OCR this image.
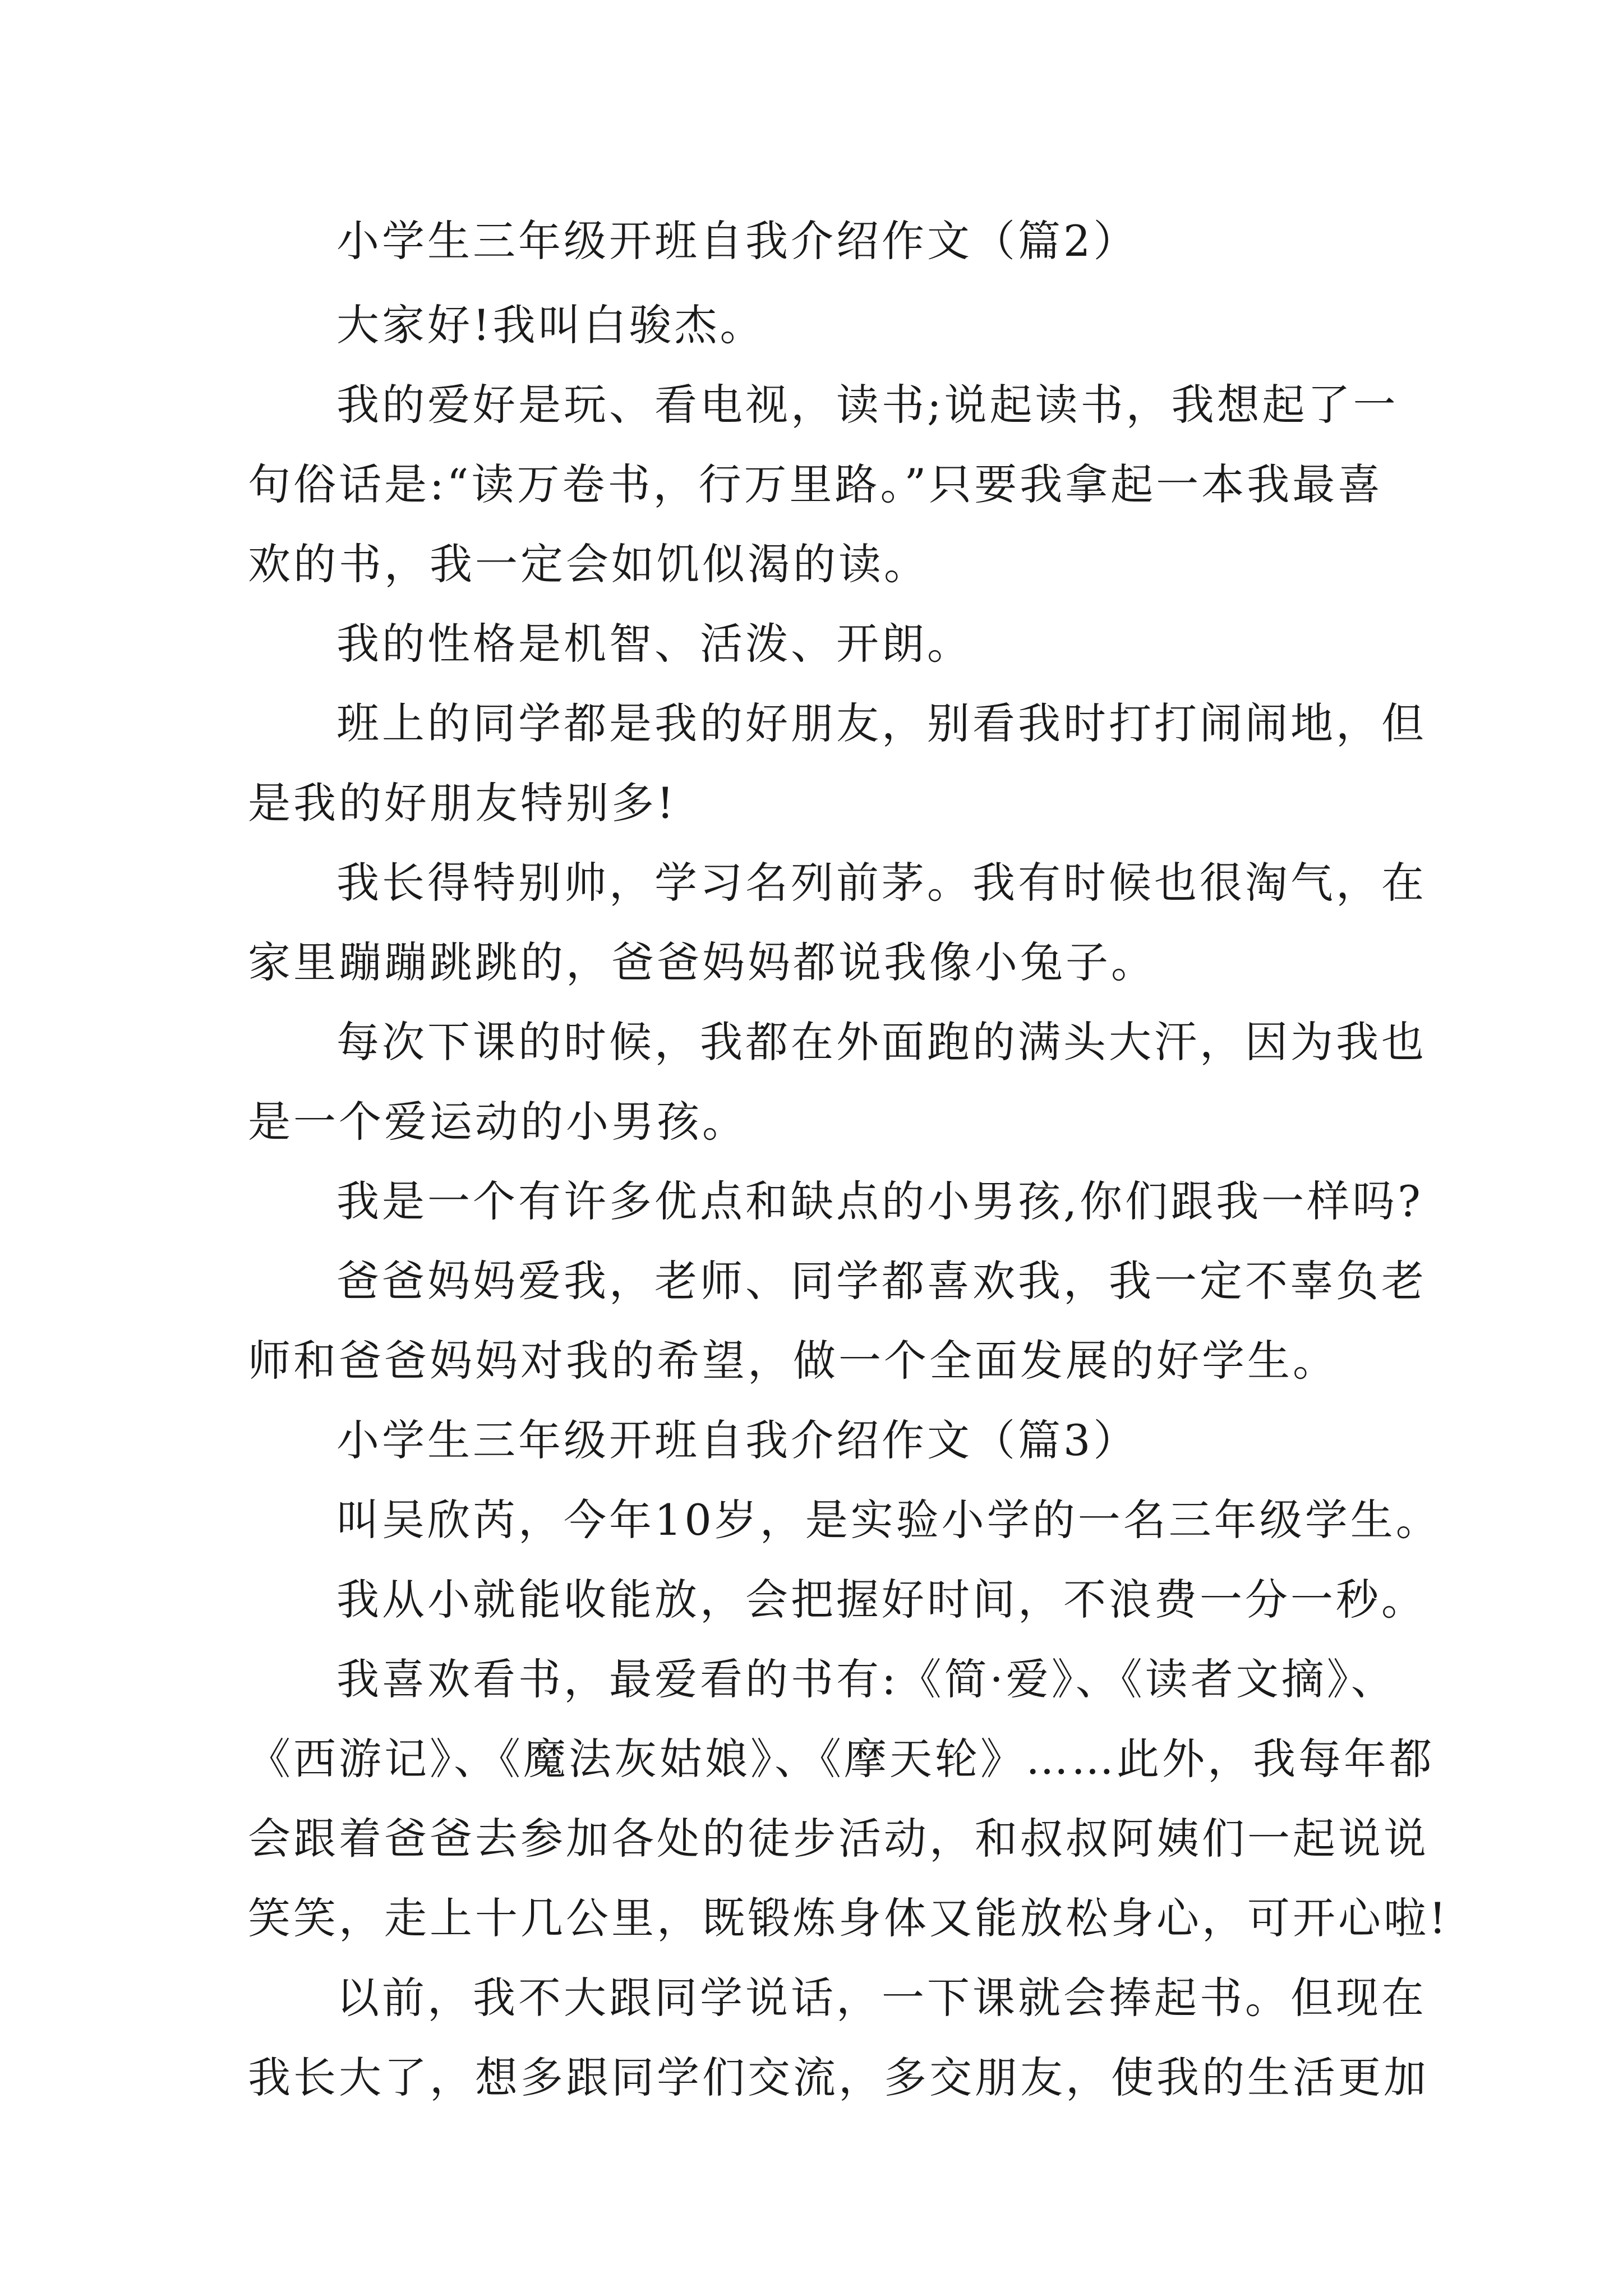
小学生三年级开班自我介绍作文（篇2）

大家好!我叫白骏杰。

我的爱好是玩、看电视，读书;说起读书，我想起了一

句俗话是:“读万卷书，行万里路。”只要我拿起一本我最喜

欢的书，我一定会如饥似渴的读。

我的性格是机智、活泼、开朗。

班上的同学都是我的好朋友，别看我时打打闹闹地，但

是我的好朋友特别多!

我长得特别帅，学习名列前茅。我有时候也很淘气，在

家里蹦蹦跳跳的，爸爸妈妈都说我像小兔子。

每次下课的时候，我都在外面跑的满头大汗，因为我也

是一个爱运动的小男孩。

我是一个有许多优点和缺点的小男孩,你们跟我一样吗?

爸爸妈妈爱我，老师、同学都喜欢我，我一定不辜负老

师和爸爸妈妈对我的希望，做一个全面发展的好学生。

小学生三年级开班自我介绍作文（篇3）

叫吴欣芮，今年10岁，是实验小学的一名三年级学生。

我从小就能收能放，会把握好时间，不浪费一分一秒。

我喜欢看书，最爱看的书有:《简·爱》、《读者文摘》、

《西游记》、《魔法灰姑娘》、《摩天轮》……此外，我每年都

会跟着爸爸去参加各处的徒步活动，和叔叔阿姨们一起说说

笑笑，走上十几公里，既锻炼身体又能放松身心，可开心啦!

以前，我不大跟同学说话，一下课就会捧起书。但现在

我长大了，想多跟同学们交流，多交朋友，使我的生活更加
